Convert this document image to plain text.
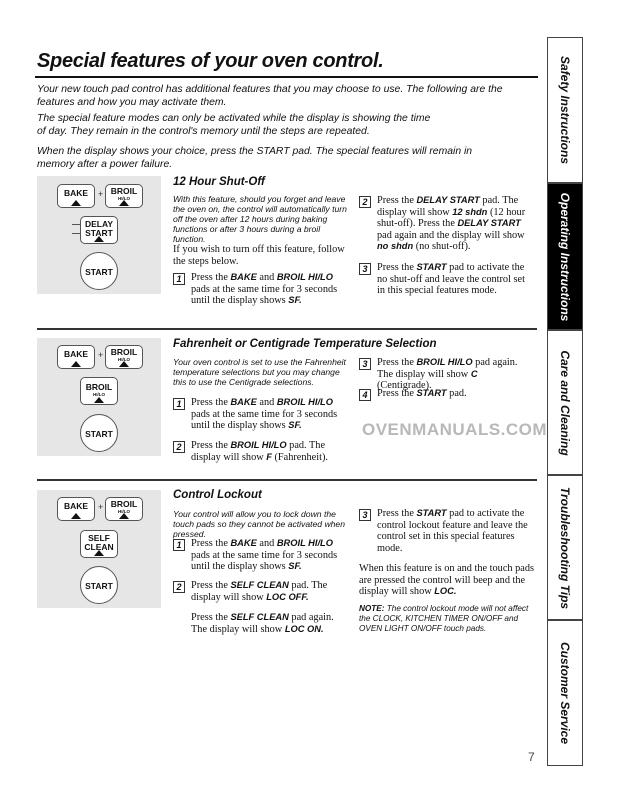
Special features of your oven control.

Your new touch pad control has additional features that you may choose to use. The following are the features and how you may activate them.

The special feature modes can only be activated while the display is showing the time of day. They remain in the control's memory until the steps are repeated.

When the display shows your choice, press the START pad. The special features will remain in memory after a power failure.	Safety Instructions
Operating Instructions
Care and Cleaning
Troubleshooting Tips
Customer Service
BAKE	+ BROIL
HI/LO
DELAY
START
START
12 Hour Shut-Off

With this feature, should you forget and leave the oven on, the control will automatically turn off the oven after 12 hours during baking functions or after 3 hours during a broil function.

If you wish to turn off this feature, follow the steps below.

1 Press the BAKE and BROIL HI/LO pads at the same time for 3 seconds until the display shows SF.
2 Press the DELAY START pad. The display will show 12 shdn (12 hour shut-off). Press the DELAY START pad again and the display will show no shdn (no shut-off).
3 Press the START pad to activate the no shut-off and leave the control set in this special features mode.
BAKE	+ BROIL
HI/LO
BROIL
HI/LO
START
Fahrenheit or Centigrade Temperature Selection

Your oven control is set to use the Fahrenheit temperature selections but you may change this to use the Centigrade selections.

1 Press the BAKE and BROIL HI/LO pads at the same time for 3 seconds until the display shows SF.
2 Press the BROIL HI/LO pad. The display will show F (Fahrenheit).
3 Press the BROIL HI/LO pad again. The display will show C (Centigrade).
4 Press the START pad.
OVENMANUALS.COM
BAKE	+ BROIL
HI/LO
SELF
CLEAN
START
Control Lockout

Your control will allow you to lock down the touch pads so they cannot be activated when pressed.

1 Press the BAKE and BROIL HI/LO pads at the same time for 3 seconds until the display shows SF.
2 Press the SELF CLEAN pad. The display will show LOC OFF.

Press the SELF CLEAN pad again. The display will show LOC ON.

3 Press the START pad to activate the control lockout feature and leave the control set in this special features mode.

When this feature is on and the touch pads are pressed the control will beep and the display will show LOC.

NOTE: The control lockout mode will not affect the CLOCK, KITCHEN TIMER ON/OFF and OVEN LIGHT ON/OFF touch pads.

7
